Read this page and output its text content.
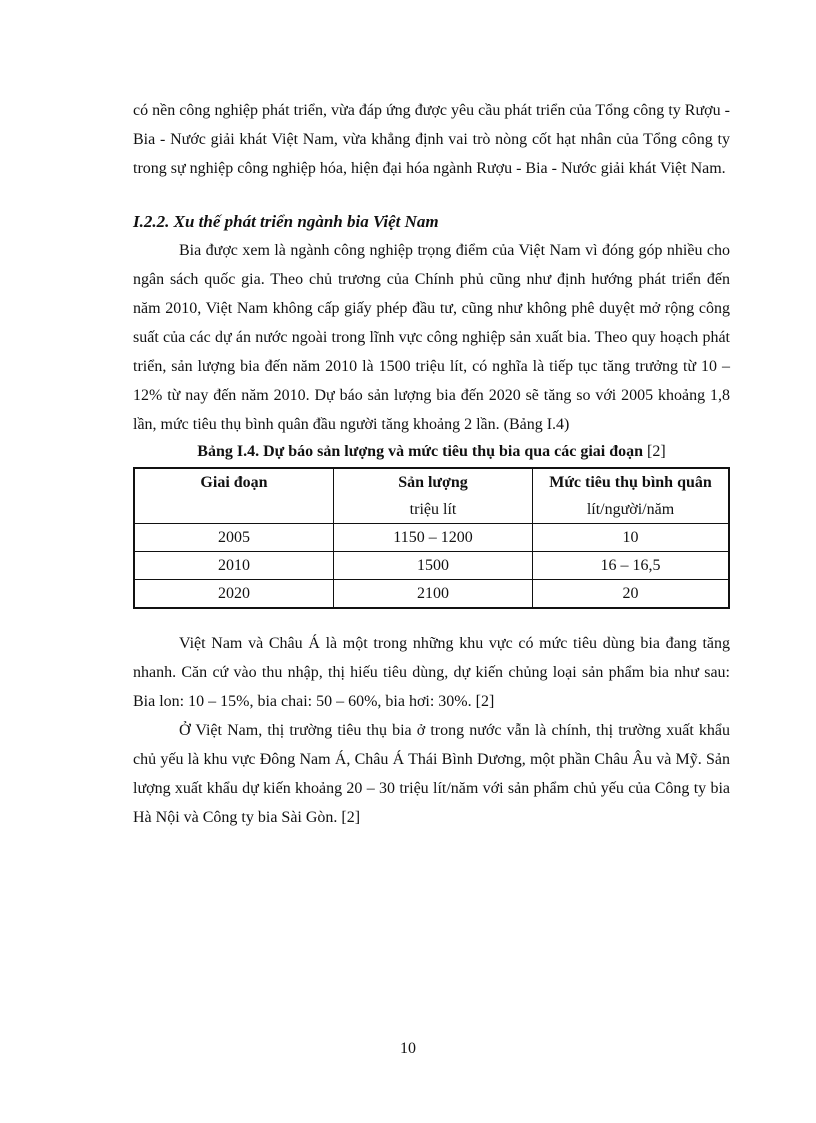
có nền công nghiệp phát triển, vừa đáp ứng được yêu cầu phát triển của Tổng công ty Rượu - Bia - Nước giải khát Việt Nam, vừa khẳng định vai trò nòng cốt hạt nhân của Tổng công ty trong sự nghiệp công nghiệp hóa, hiện đại hóa ngành Rượu - Bia - Nước giải khát Việt Nam.

I.2.2. Xu thế phát triển ngành bia Việt Nam

Bia được xem là ngành công nghiệp trọng điểm của Việt Nam vì đóng góp nhiều cho ngân sách quốc gia. Theo chủ trương của Chính phủ cũng như định hướng phát triển đến năm 2010, Việt Nam không cấp giấy phép đầu tư, cũng như không phê duyệt mở rộng công suất của các dự án nước ngoài trong lĩnh vực công nghiệp sản xuất bia. Theo quy hoạch phát triển, sản lượng bia đến năm 2010 là 1500 triệu lít, có nghĩa là tiếp tục tăng trưởng từ 10 – 12% từ nay đến năm 2010. Dự báo sản lượng bia đến 2020 sẽ tăng so với 2005 khoảng 1,8 lần, mức tiêu thụ bình quân đầu người tăng khoảng 2 lần. (Bảng I.4)

Bảng I.4. Dự báo sản lượng và mức tiêu thụ bia qua các giai đoạn [2]

Giai đoạn	Sản lượng	Mức tiêu thụ bình quân
	triệu lít	lít/người/năm
2005	1150 – 1200	10
2010	1500	16 – 16,5
2020	2100	20

Việt Nam và Châu Á là một trong những khu vực có mức tiêu dùng bia đang tăng nhanh. Căn cứ vào thu nhập, thị hiếu tiêu dùng, dự kiến chủng loại sản phẩm bia như sau: Bia lon: 10 – 15%, bia chai: 50 – 60%, bia hơi: 30%. [2]

Ở Việt Nam, thị trường tiêu thụ bia ở trong nước vẫn là chính, thị trường xuất khẩu chủ yếu là khu vực Đông Nam Á, Châu Á Thái Bình Dương, một phần Châu Âu và Mỹ. Sản lượng xuất khẩu dự kiến khoảng 20 – 30 triệu lít/năm với sản phẩm chủ yếu của Công ty bia Hà Nội và Công ty bia Sài Gòn. [2]

10
